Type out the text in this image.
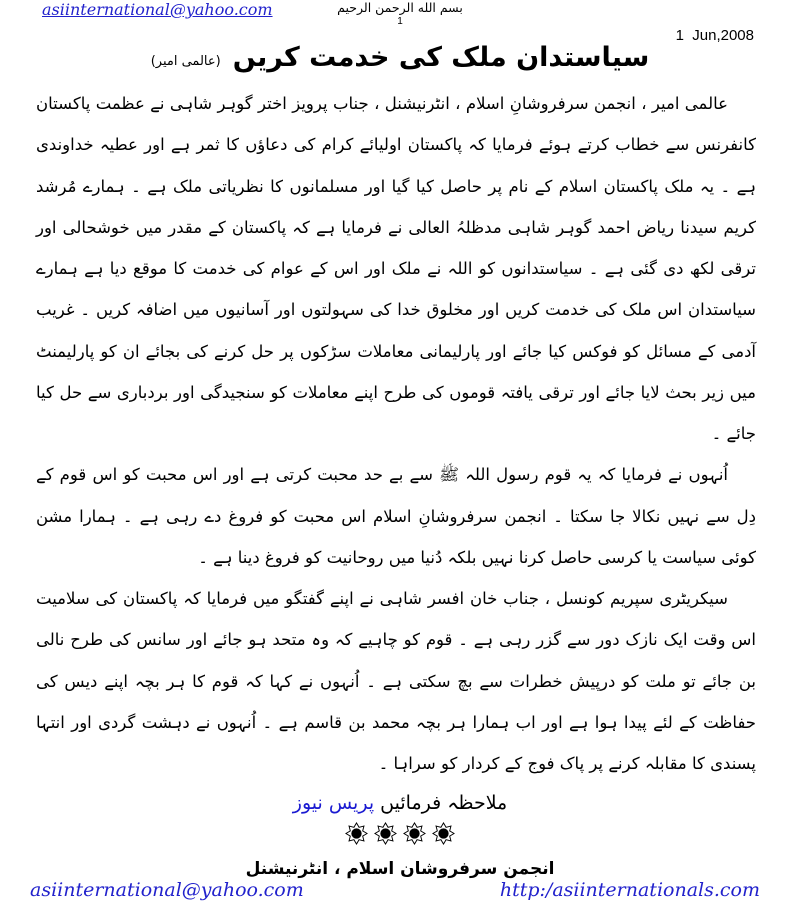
asiinternational@yahoo.com	بسم الله الرحمن الرحيم
1
1  Jun,2008
سیاستدان ملک کی خدمت کریں (عالمی امیر)

عالمی امیر ، انجمن سرفروشانِ اسلام ، انٹرنیشنل ، جناب پرویز اختر گوہر شاہی نے عظمت پاکستان کانفرنس سے خطاب کرتے ہوئے فرمایا کہ پاکستان اولیائے کرام کی دعاؤں کا ثمر ہے اور عطیہ خداوندی ہے ۔ یہ ملک پاکستان اسلام کے نام پر حاصل کیا گیا اور مسلمانوں کا نظریاتی ملک ہے ۔ ہمارے مُرشد کریم سیدنا ریاض احمد گوہر شاہی مدظلہُ العالی نے فرمایا ہے کہ پاکستان کے مقدر میں خوشحالی اور ترقی لکھ دی گئی ہے ۔ سیاستدانوں کو اللہ نے ملک اور اس کے عوام کی خدمت کا موقع دیا ہے ہمارے سیاستدان اس ملک کی خدمت کریں اور مخلوق خدا کی سہولتوں اور آسانیوں میں اضافہ کریں ۔ غریب آدمی کے مسائل کو فوکس کیا جائے اور پارلیمانی معاملات سڑکوں پر حل کرنے کی بجائے ان کو پارلیمنٹ میں زیر بحث لایا جائے اور ترقی یافتہ قوموں کی طرح اپنے معاملات کو سنجیدگی اور بردباری سے حل کیا جائے ۔

اُنہوں نے فرمایا کہ یہ قوم رسول اللہ ﷺ سے بے حد محبت کرتی ہے اور اس محبت کو اس قوم کے دِل سے نہیں نکالا جا سکتا ۔ انجمن سرفروشانِ اسلام اس محبت کو فروغ دے رہی ہے ۔ ہمارا مشن کوئی سیاست یا کرسی حاصل کرنا نہیں بلکہ دُنیا میں روحانیت کو فروغ دینا ہے ۔

سیکریٹری سپریم کونسل ، جناب خان افسر شاہی نے اپنے گفتگو میں فرمایا کہ پاکستان کی سلامیت اس وقت ایک نازک دور سے گزر رہی ہے ۔ قوم کو چاہیے کہ وہ متحد ہو جائے اور سانس کی طرح نالی بن جائے تو ملت کو درپیش خطرات سے بچ سکتی ہے ۔ اُنہوں نے کہا کہ قوم کا ہر بچہ اپنے دیس کی حفاظت کے لئے پیدا ہوا ہے اور اب ہمارا ہر بچہ محمد بن قاسم ہے ۔ اُنہوں نے دہشت گردی اور انتہا پسندی کا مقابلہ کرنے پر پاک فوج کے کردار کو سراہا ۔

ملاحظہ فرمائیں پریس نیوز
انجمن سرفروشان اسلام ، انٹرنیشنل
asiinternational@yahoo.com	http:/asiinternationals.com
